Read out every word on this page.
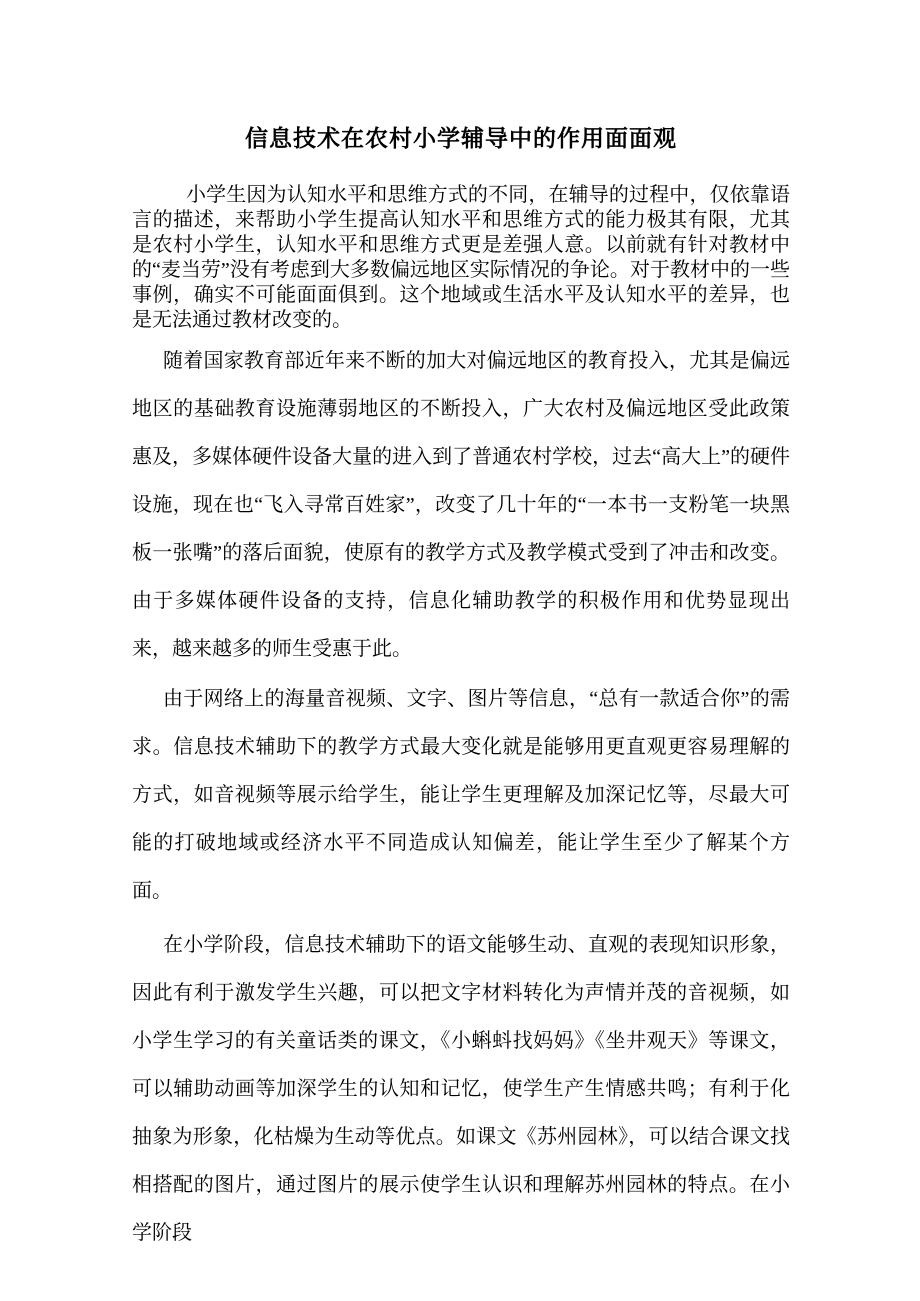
信息技术在农村小学辅导中的作用面面观

小学生因为认知水平和思维方式的不同，在辅导的过程中，仅依靠语言的描述，来帮助小学生提高认知水平和思维方式的能力极其有限，尤其是农村小学生，认知水平和思维方式更是差强人意。以前就有针对教材中的“麦当劳”没有考虑到大多数偏远地区实际情况的争论。对于教材中的一些事例，确实不可能面面俱到。这个地域或生活水平及认知水平的差异，也是无法通过教材改变的。

随着国家教育部近年来不断的加大对偏远地区的教育投入，尤其是偏远地区的基础教育设施薄弱地区的不断投入，广大农村及偏远地区受此政策惠及，多媒体硬件设备大量的进入到了普通农村学校，过去“高大上”的硬件设施，现在也“飞入寻常百姓家”，改变了几十年的“一本书一支粉笔一块黑板一张嘴”的落后面貌，使原有的教学方式及教学模式受到了冲击和改变。由于多媒体硬件设备的支持，信息化辅助教学的积极作用和优势显现出来，越来越多的师生受惠于此。

由于网络上的海量音视频、文字、图片等信息，“总有一款适合你”的需求。信息技术辅助下的教学方式最大变化就是能够用更直观更容易理解的方式，如音视频等展示给学生，能让学生更理解及加深记忆等，尽最大可能的打破地域或经济水平不同造成认知偏差，能让学生至少了解某个方面。

在小学阶段，信息技术辅助下的语文能够生动、直观的表现知识形象，因此有利于激发学生兴趣，可以把文字材料转化为声情并茂的音视频，如小学生学习的有关童话类的课文，《小蝌蚪找妈妈》《坐井观天》等课文，可以辅助动画等加深学生的认知和记忆，使学生产生情感共鸣；有利于化抽象为形象，化枯燥为生动等优点。如课文《苏州园林》，可以结合课文找相搭配的图片，通过图片的展示使学生认识和理解苏州园林的特点。在小学阶段
